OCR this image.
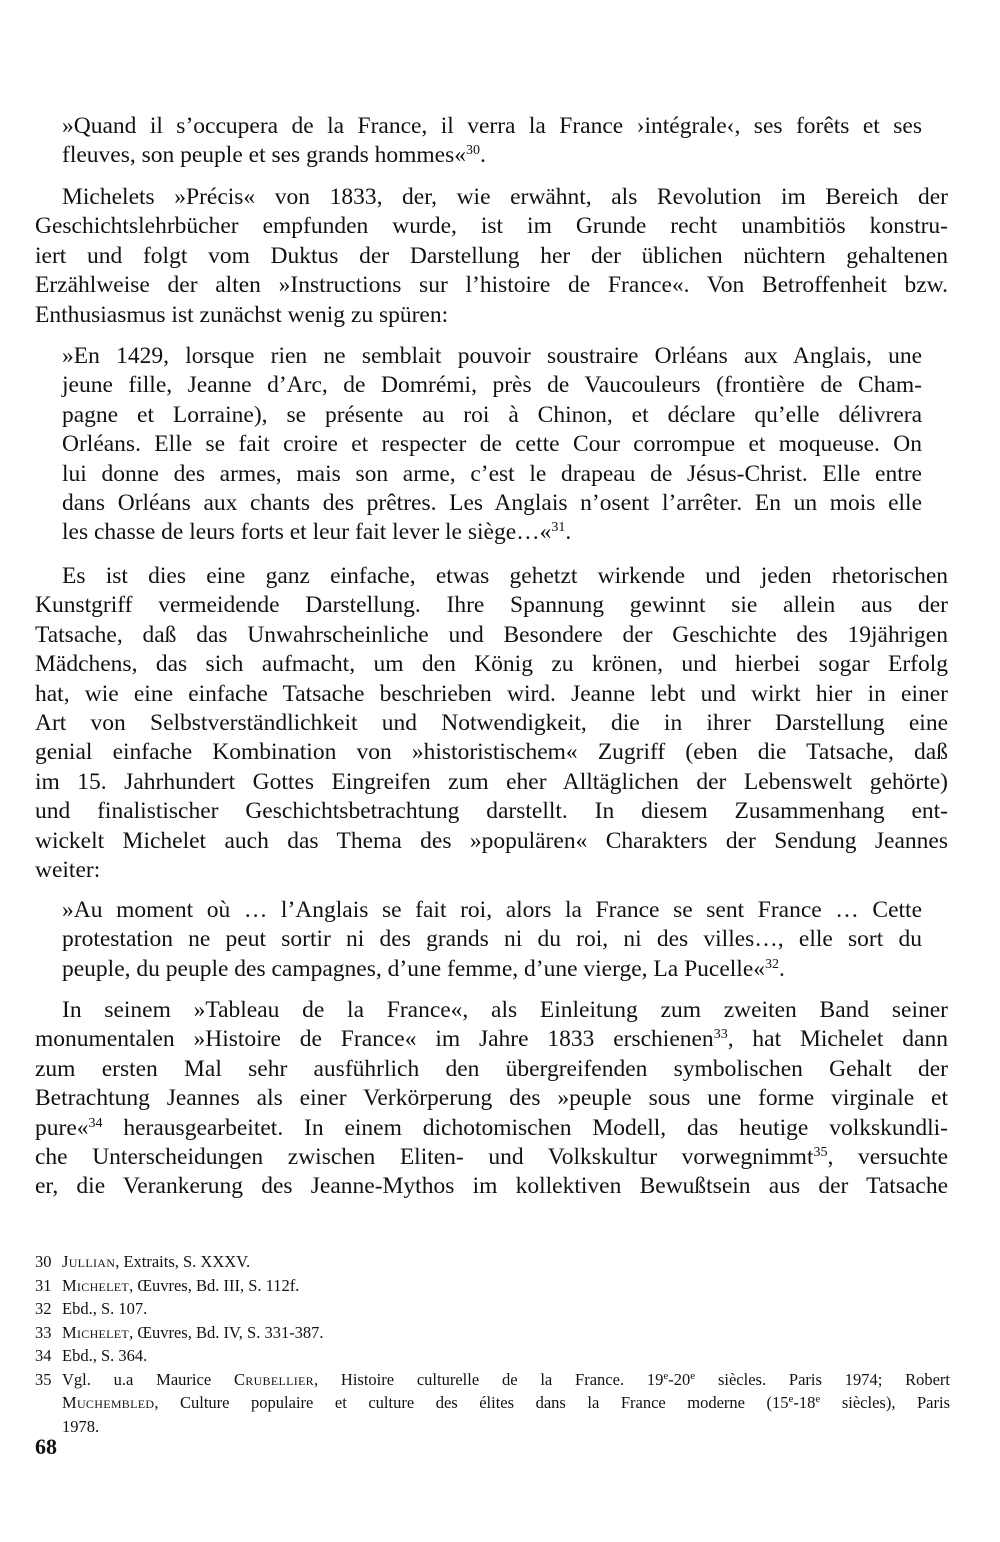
»Quand il s’occupera de la France, il verra la France ›intégrale‹, ses forêts et ses
fleuves, son peuple et ses grands hommes«$^{30}$.
Michelets »Précis« von 1833, der, wie erwähnt, als Revolution im Bereich der
Geschichtslehrbücher empfunden wurde, ist im Grunde recht unambitiös konstru-
iert und folgt vom Duktus der Darstellung her der üblichen nüchtern gehaltenen
Erzählweise der alten »Instructions sur l’histoire de France«. Von Betroffenheit bzw.
Enthusiasmus ist zunächst wenig zu spüren:
»En 1429, lorsque rien ne semblait pouvoir soustraire Orléans aux Anglais, une
jeune fille, Jeanne d’Arc, de Domrémi, près de Vaucouleurs (frontière de Cham-
pagne et Lorraine), se présente au roi à Chinon, et déclare qu’elle délivrera
Orléans. Elle se fait croire et respecter de cette Cour corrompue et moqueuse. On
lui donne des armes, mais son arme, c’est le drapeau de Jésus-Christ. Elle entre
dans Orléans aux chants des prêtres. Les Anglais n’osent l’arrêter. En un mois elle
les chasse de leurs forts et leur fait lever le siège…«$^{31}$.
Es ist dies eine ganz einfache, etwas gehetzt wirkende und jeden rhetorischen
Kunstgriff vermeidende Darstellung. Ihre Spannung gewinnt sie allein aus der
Tatsache, daß das Unwahrscheinliche und Besondere der Geschichte des 19jährigen
Mädchens, das sich aufmacht, um den König zu krönen, und hierbei sogar Erfolg
hat, wie eine einfache Tatsache beschrieben wird. Jeanne lebt und wirkt hier in einer
Art von Selbstverständlichkeit und Notwendigkeit, die in ihrer Darstellung eine
genial einfache Kombination von »historistischem« Zugriff (eben die Tatsache, daß
im 15. Jahrhundert Gottes Eingreifen zum eher Alltäglichen der Lebenswelt gehörte)
und finalistischer Geschichtsbetrachtung darstellt. In diesem Zusammenhang ent-
wickelt Michelet auch das Thema des »populären« Charakters der Sendung Jeannes
weiter:
»Au moment où … l’Anglais se fait roi, alors la France se sent France … Cette
protestation ne peut sortir ni des grands ni du roi, ni des villes…, elle sort du
peuple, du peuple des campagnes, d’une femme, d’une vierge, La Pucelle«$^{32}$.
In seinem »Tableau de la France«, als Einleitung zum zweiten Band seiner
monumentalen »Histoire de France« im Jahre 1833 erschienen$^{33}$, hat Michelet dann
zum ersten Mal sehr ausführlich den übergreifenden symbolischen Gehalt der
Betrachtung Jeannes als einer Verkörperung des »peuple sous une forme virginale et
pure«$^{34}$ herausgearbeitet. In einem dichotomischen Modell, das heutige volkskundli-
che Unterscheidungen zwischen Eliten- und Volkskultur vorwegnimmt$^{35}$, versuchte
er, die Verankerung des Jeanne-Mythos im kollektiven Bewußtsein aus der Tatsache
30 Jullian, Extraits, S. XXXV.
31 Michelet, Œuvres, Bd. III, S. 112f.
32 Ebd., S. 107.
33 Michelet, Œuvres, Bd. IV, S. 331-387.
34 Ebd., S. 364.
35 Vgl. u.a Maurice Crubellier, Histoire culturelle de la France. 19e-20e siècles. Paris 1974; Robert
Muchembled, Culture populaire et culture des élites dans la France moderne (15e-18e siècles), Paris
1978.
68
